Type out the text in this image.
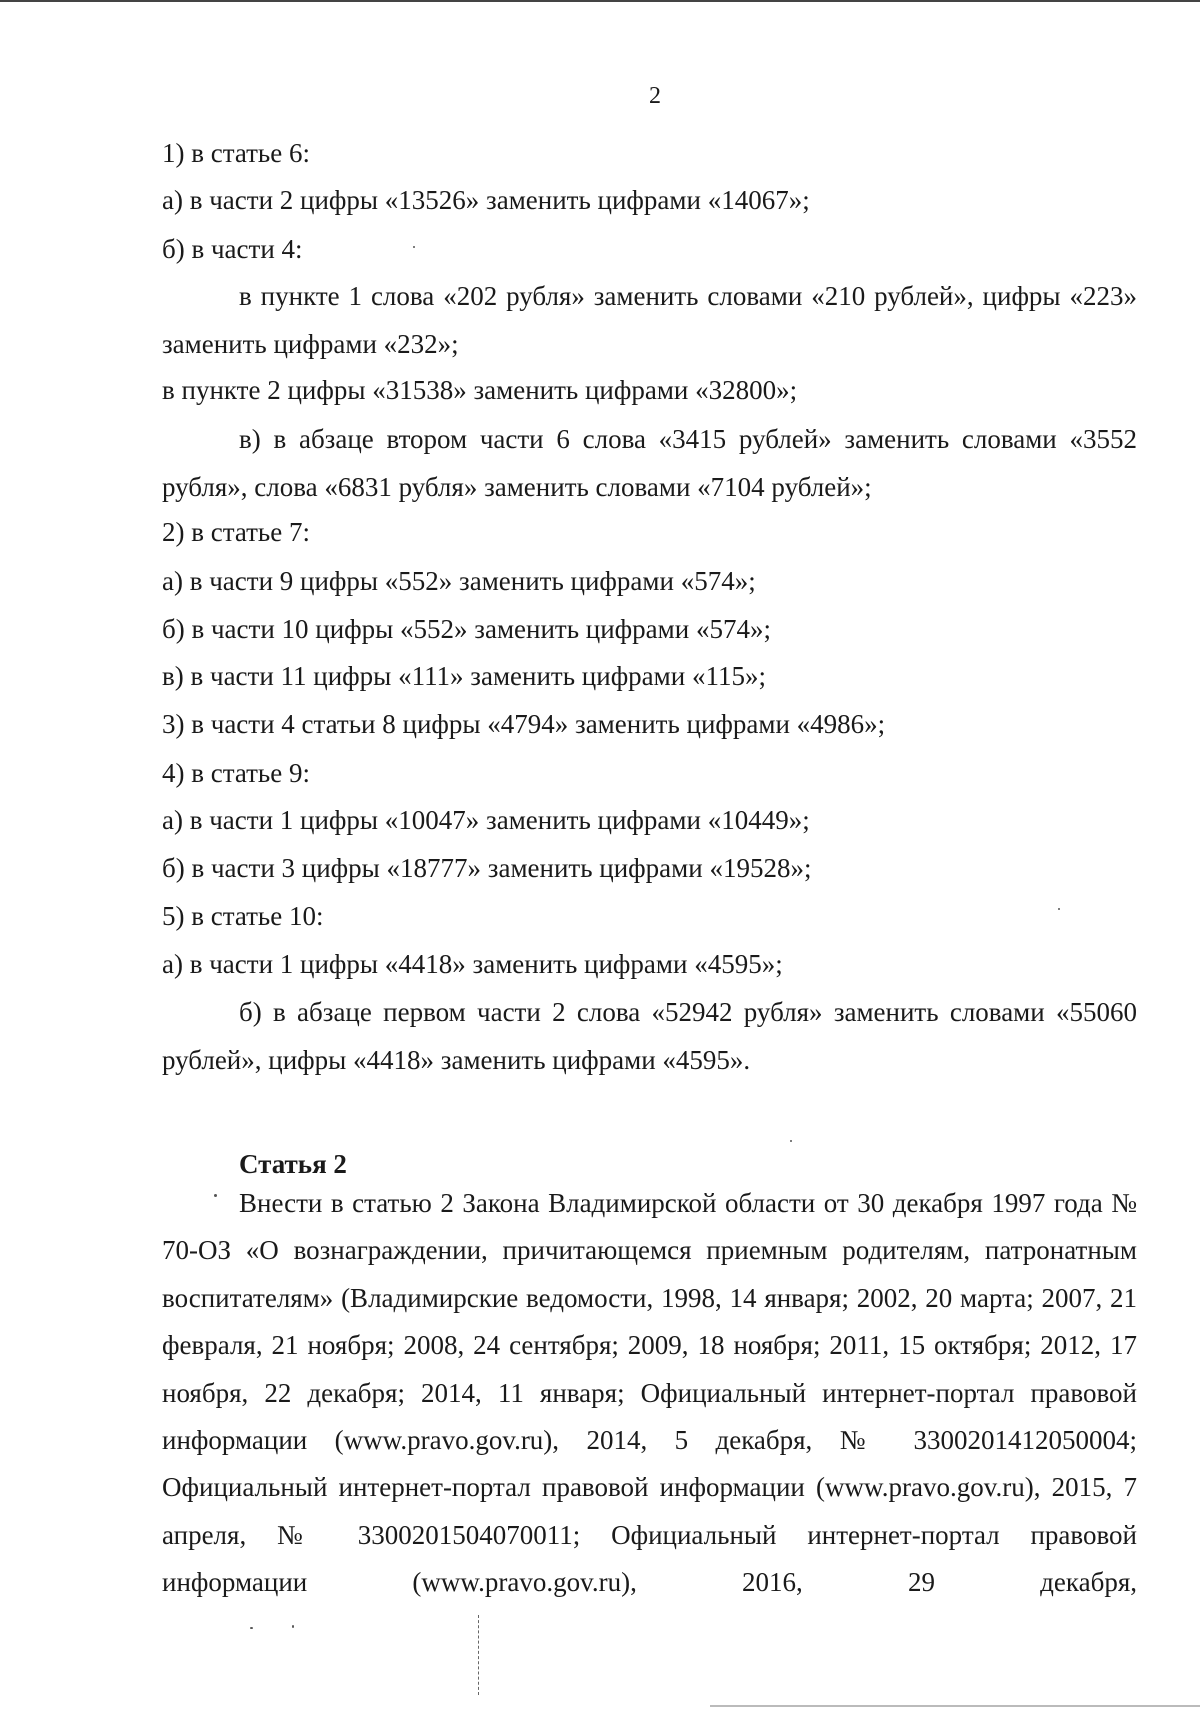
2

1) в статье 6:

а) в части 2 цифры «13526» заменить цифрами «14067»;

б) в части 4:

в пункте 1 слова «202 рубля» заменить словами «210 рублей», цифры «223» заменить цифрами «232»;

в пункте 2 цифры «31538» заменить цифрами «32800»;

в) в абзаце втором части 6 слова «3415 рублей» заменить словами «3552 рубля», слова «6831 рубля» заменить словами «7104 рублей»;

2) в статье 7:

а) в части 9 цифры «552» заменить цифрами «574»;

б) в части 10 цифры «552» заменить цифрами «574»;

в) в части 11 цифры «111» заменить цифрами «115»;

3) в части 4 статьи 8 цифры «4794» заменить цифрами «4986»;

4) в статье 9:

а) в части 1 цифры «10047» заменить цифрами «10449»;

б) в части 3 цифры «18777» заменить цифрами «19528»;

5) в статье 10:

а) в части 1 цифры «4418» заменить цифрами «4595»;

б) в абзаце первом части 2 слова «52942 рубля» заменить словами «55060 рублей», цифры «4418» заменить цифрами «4595».

Статья 2

Внести в статью 2 Закона Владимирской области от 30 декабря 1997 года № 70-ОЗ «О вознаграждении, причитающемся приемным родителям, патронатным воспитателям» (Владимирские ведомости, 1998, 14 января; 2002, 20 марта; 2007, 21 февраля, 21 ноября; 2008, 24 сентября; 2009, 18 ноября; 2011, 15 октября; 2012, 17 ноября, 22 декабря; 2014, 11 января; Официальный интернет-портал правовой информации (www.pravo.gov.ru), 2014, 5 декабря, № 3300201412050004; Официальный интернет-портал правовой информации (www.pravo.gov.ru), 2015, 7 апреля, № 3300201504070011; Официальный интернет-портал правовой информации (www.pravo.gov.ru), 2016, 29 декабря,
